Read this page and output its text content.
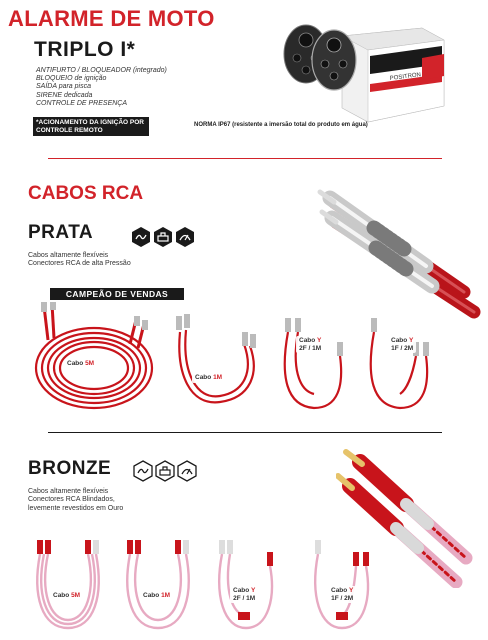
ALARME DE MOTO
TRIPLO I*
ANTIFURTO / BLOQUEADOR (integrado)
BLOQUEIO de ignição
SAÍDA para pisca
SIRENE dedicada
CONTROLE DE PRESENÇA
*ACIONAMENTO DA IGNIÇÃO POR CONTROLE REMOTO
NORMA IP67 (resistente a imersão total do produto em água)
POSITRON
CABOS RCA
PRATA
Cabos altamente flexíveis
Conectores RCA de alta Pressão
CAMPEÃO DE VENDAS
Cabo 5M
Cabo 1M
Cabo Y
2F / 1M
Cabo Y
1F / 2M
BRONZE
Cabos altamente flexíveis
Conectores RCA Blindados,
levemente revestidos em Ouro
Cabo 5M	Cabo 1M
Cabo Y
2F / 1M
Cabo Y
1F / 2M
